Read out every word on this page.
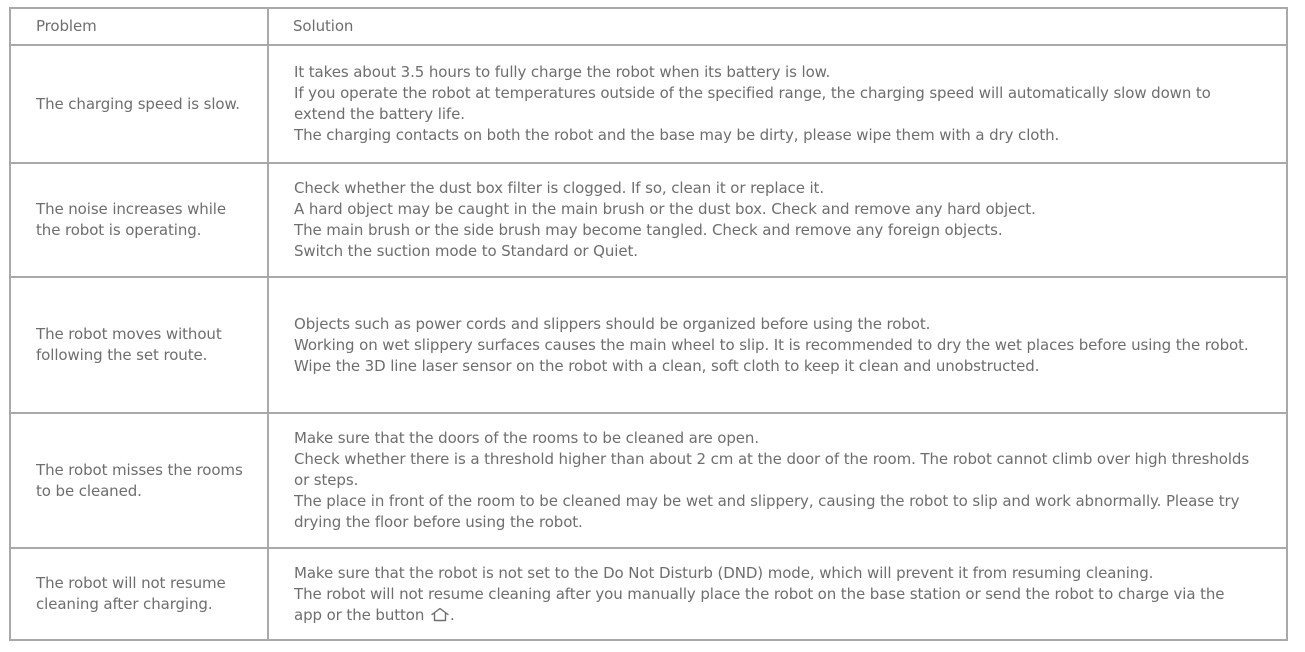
Problem	Solution
The charging speed is slow.	It takes about 3.5 hours to fully charge the robot when its battery is low.
If you operate the robot at temperatures outside of the specified range, the charging speed will automatically slow down to extend the battery life.
The charging contacts on both the robot and the base may be dirty, please wipe them with a dry cloth.

The noise increases while the robot is operating.	Check whether the dust box filter is clogged. If so, clean it or replace it.
A hard object may be caught in the main brush or the dust box. Check and remove any hard object.
The main brush or the side brush may become tangled. Check and remove any foreign objects.
Switch the suction mode to Standard or Quiet.

The robot moves without following the set route.	Objects such as power cords and slippers should be organized before using the robot.
Working on wet slippery surfaces causes the main wheel to slip. It is recommended to dry the wet places before using the robot.
Wipe the 3D line laser sensor on the robot with a clean, soft cloth to keep it clean and unobstructed.

The robot misses the rooms to be cleaned.	Make sure that the doors of the rooms to be cleaned are open.
Check whether there is a threshold higher than about 2 cm at the door of the room. The robot cannot climb over high thresholds or steps.
The place in front of the room to be cleaned may be wet and slippery, causing the robot to slip and work abnormally. Please try drying the floor before using the robot.

The robot will not resume cleaning after charging.	Make sure that the robot is not set to the Do Not Disturb (DND) mode, which will prevent it from resuming cleaning.
The robot will not resume cleaning after you manually place the robot on the base station or send the robot to charge via the app or the button .
